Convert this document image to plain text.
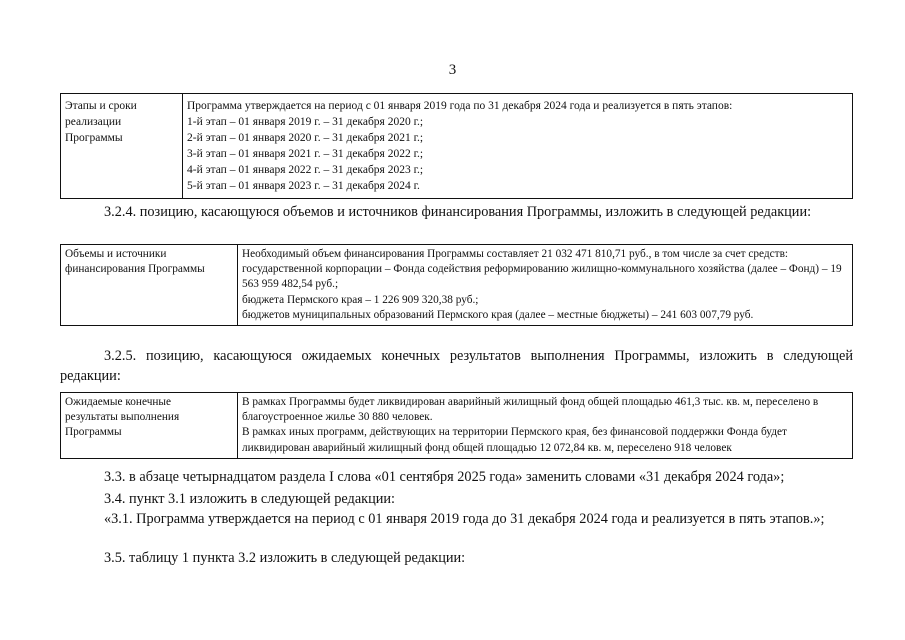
3
Этапы и сроки
реализации
Программы

Программа утверждается на период с 01 января 2019 года по 31 декабря 2024 года и реализуется в пять этапов:
1-й этап – 01 января 2019 г. – 31 декабря 2020 г.;
2-й этап – 01 января 2020 г. – 31 декабря 2021 г.;
3-й этап – 01 января 2021 г. – 31 декабря 2022 г.;
4-й этап – 01 января 2022 г. – 31 декабря 2023 г.;
5-й этап – 01 января 2023 г. – 31 декабря 2024 г.
3.2.4. позицию, касающуюся объемов и источников финансирования Программы, изложить в следующей редакции:
Объемы и источники
финансирования Программы

Необходимый объем финансирования Программы составляет 21 032 471 810,71 руб., в том числе за счет средств:
государственной корпорации – Фонда содействия реформированию жилищно-коммунального хозяйства (далее – Фонд) – 19 563 959 482,54 руб.;
бюджета Пермского края – 1 226 909 320,38 руб.;
бюджетов муниципальных образований Пермского края (далее – местные бюджеты) – 241 603 007,79 руб.
3.2.5. позицию, касающуюся ожидаемых конечных результатов выполнения Программы, изложить в следующей редакции:
Ожидаемые конечные
результаты выполнения
Программы

В рамках Программы будет ликвидирован аварийный жилищный фонд общей площадью 461,3 тыс. кв. м, переселено в благоустроенное жилье 30 880 человек.
В рамках иных программ, действующих на территории Пермского края, без финансовой поддержки Фонда будет ликвидирован аварийный жилищный фонд общей площадью 12 072,84 кв. м, переселено 918 человек
3.3. в абзаце четырнадцатом раздела I слова «01 сентября 2025 года» заменить словами «31 декабря 2024 года»;
3.4. пункт 3.1 изложить в следующей редакции:
«3.1. Программа утверждается на период с 01 января 2019 года до 31 декабря 2024 года и реализуется в пять этапов.»;
3.5. таблицу 1 пункта 3.2 изложить в следующей редакции:
